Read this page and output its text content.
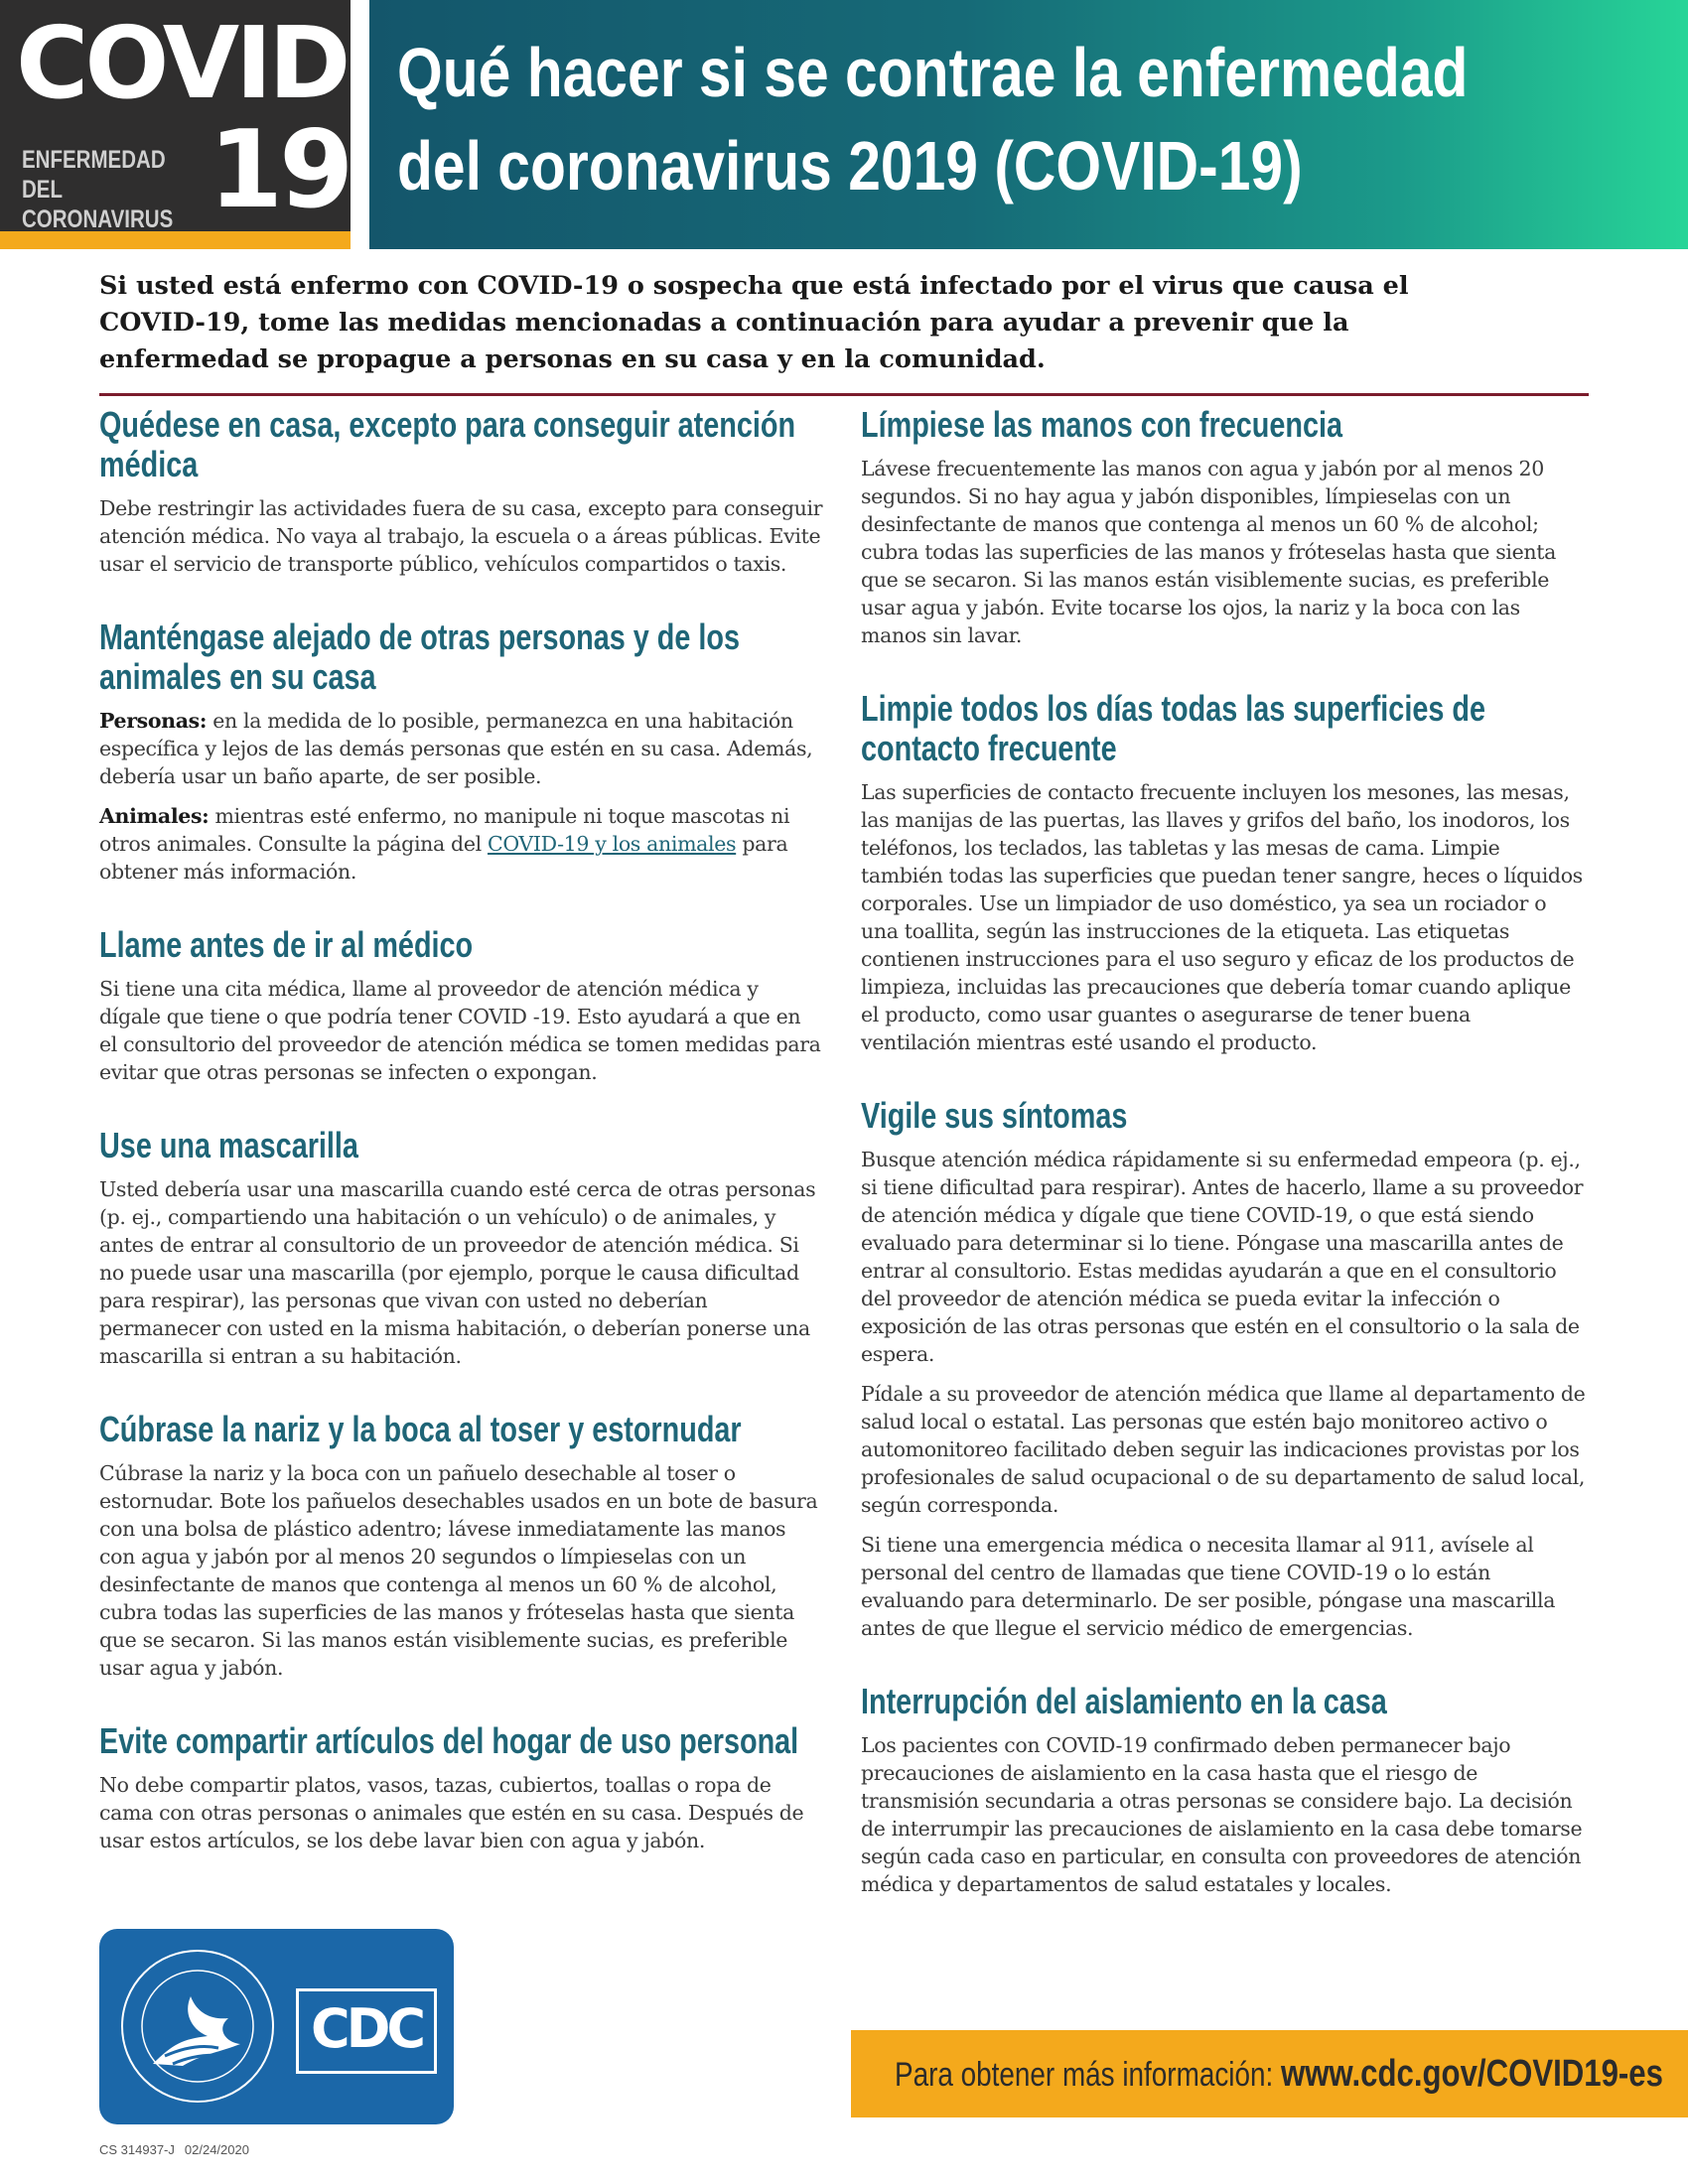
COVID
ENFERMEDAD DEL CORONAVIRUS 19
Qué hacer si se contrae la enfermedad
del coronavirus 2019 (COVID-19)
Si usted está enfermo con COVID-19 o sospecha que está infectado por el virus que causa el COVID-19, tome las medidas mencionadas a continuación para ayudar a prevenir que la enfermedad se propague a personas en su casa y en la comunidad.
Quédese en casa, excepto para conseguir atención médica

Debe restringir las actividades fuera de su casa, excepto para conseguir atención médica. No vaya al trabajo, la escuela o a áreas públicas. Evite usar el servicio de transporte público, vehículos compartidos o taxis.

Manténgase alejado de otras personas y de los animales en su casa

Personas: en la medida de lo posible, permanezca en una habitación específica y lejos de las demás personas que estén en su casa. Además, debería usar un baño aparte, de ser posible.

Animales: mientras esté enfermo, no manipule ni toque mascotas ni otros animales. Consulte la página del COVID-19 y los animales para obtener más información.

Llame antes de ir al médico

Si tiene una cita médica, llame al proveedor de atención médica y dígale que tiene o que podría tener COVID -19. Esto ayudará a que en el consultorio del proveedor de atención médica se tomen medidas para evitar que otras personas se infecten o expongan.

Use una mascarilla

Usted debería usar una mascarilla cuando esté cerca de otras personas (p. ej., compartiendo una habitación o un vehículo) o de animales, y antes de entrar al consultorio de un proveedor de atención médica. Si no puede usar una mascarilla (por ejemplo, porque le causa dificultad para respirar), las personas que vivan con usted no deberían permanecer con usted en la misma habitación, o deberían ponerse una mascarilla si entran a su habitación.

Cúbrase la nariz y la boca al toser y estornudar

Cúbrase la nariz y la boca con un pañuelo desechable al toser o estornudar. Bote los pañuelos desechables usados en un bote de basura con una bolsa de plástico adentro; lávese inmediatamente las manos con agua y jabón por al menos 20 segundos o límpieselas con un desinfectante de manos que contenga al menos un 60 % de alcohol, cubra todas las superficies de las manos y fróteselas hasta que sienta que se secaron. Si las manos están visiblemente sucias, es preferible usar agua y jabón.

Evite compartir artículos del hogar de uso personal

No debe compartir platos, vasos, tazas, cubiertos, toallas o ropa de cama con otras personas o animales que estén en su casa. Después de usar estos artículos, se los debe lavar bien con agua y jabón.

Límpiese las manos con frecuencia

Lávese frecuentemente las manos con agua y jabón por al menos 20 segundos. Si no hay agua y jabón disponibles, límpieselas con un desinfectante de manos que contenga al menos un 60 % de alcohol; cubra todas las superficies de las manos y fróteselas hasta que sienta que se secaron. Si las manos están visiblemente sucias, es preferible usar agua y jabón. Evite tocarse los ojos, la nariz y la boca con las manos sin lavar.

Limpie todos los días todas las superficies de contacto frecuente

Las superficies de contacto frecuente incluyen los mesones, las mesas, las manijas de las puertas, las llaves y grifos del baño, los inodoros, los teléfonos, los teclados, las tabletas y las mesas de cama. Limpie también todas las superficies que puedan tener sangre, heces o líquidos corporales. Use un limpiador de uso doméstico, ya sea un rociador o una toallita, según las instrucciones de la etiqueta. Las etiquetas contienen instrucciones para el uso seguro y eficaz de los productos de limpieza, incluidas las precauciones que debería tomar cuando aplique el producto, como usar guantes o asegurarse de tener buena ventilación mientras esté usando el producto.

Vigile sus síntomas

Busque atención médica rápidamente si su enfermedad empeora (p. ej., si tiene dificultad para respirar). Antes de hacerlo, llame a su proveedor de atención médica y dígale que tiene COVID-19, o que está siendo evaluado para determinar si lo tiene. Póngase una mascarilla antes de entrar al consultorio. Estas medidas ayudarán a que en el consultorio del proveedor de atención médica se pueda evitar la infección o exposición de las otras personas que estén en el consultorio o la sala de espera.

Pídale a su proveedor de atención médica que llame al departamento de salud local o estatal. Las personas que estén bajo monitoreo activo o automonitoreo facilitado deben seguir las indicaciones provistas por los profesionales de salud ocupacional o de su departamento de salud local, según corresponda.

Si tiene una emergencia médica o necesita llamar al 911, avísele al personal del centro de llamadas que tiene COVID-19 o lo están evaluando para determinarlo. De ser posible, póngase una mascarilla antes de que llegue el servicio médico de emergencias.

Interrupción del aislamiento en la casa

Los pacientes con COVID-19 confirmado deben permanecer bajo precauciones de aislamiento en la casa hasta que el riesgo de transmisión secundaria a otras personas se considere bajo. La decisión de interrumpir las precauciones de aislamiento en la casa debe tomarse según cada caso en particular, en consulta con proveedores de atención médica y departamentos de salud estatales y locales.

CDC
Para obtener más información: www.cdc.gov/COVID19-es
CS 314937-J 02/24/2020
